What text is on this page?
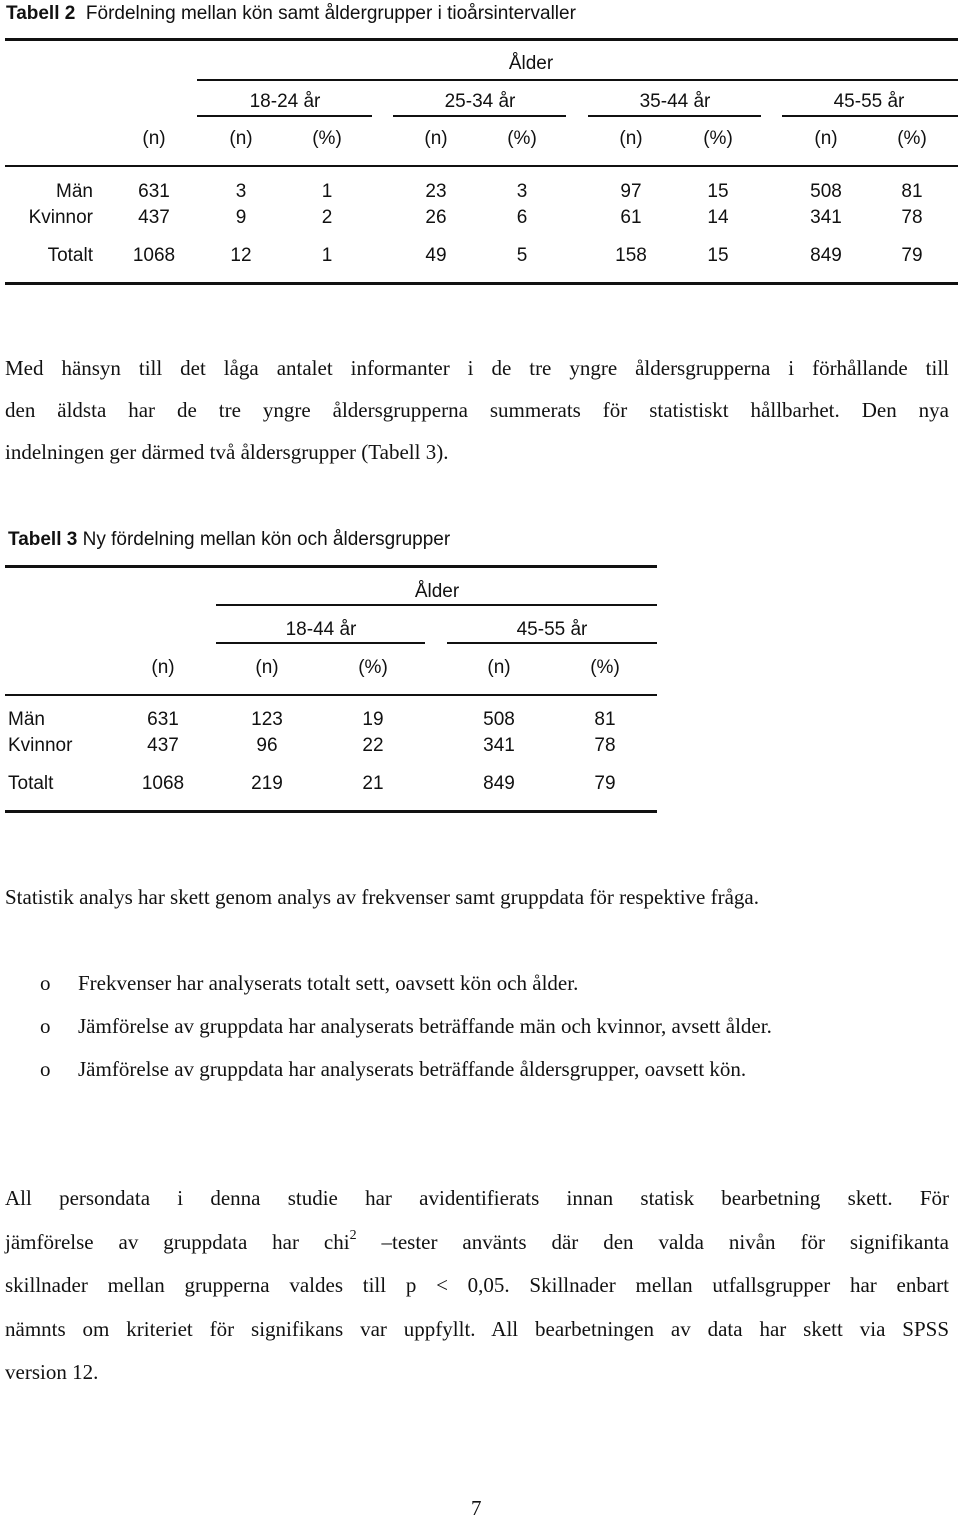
Tabell 2 Fördelning mellan kön samt åldergrupper i tioårsintervaller
Ålder
18-24 år	25-34 år	35-44 år	45-55 år
(n)	(n)	(%)	(n)	(%)	(n)	(%)	(n)	(%)
Män 631	3	1	23	3	97	15	508	81
Kvinnor 437	9	2	26	6	61	14	341	78
Totalt 1068	12	1	49	5	158	15	849	79
Med hänsyn till det låga antalet informanter i de tre yngre åldersgrupperna i förhållande till
den äldsta har de tre yngre åldersgrupperna summerats för statistiskt hållbarhet. Den nya
indelningen ger därmed två åldersgrupper (Tabell 3).
Tabell 3 Ny fördelning mellan kön och åldersgrupper
Ålder
18-44 år	45-55 år
(n)	(n)	(%)	(n)	(%)
Män	631	123	19	508	81
Kvinnor	437	96	22	341	78
Totalt	1068	219	21	849	79
Statistik analys har skett genom analys av frekvenser samt gruppdata för respektive fråga.
o Frekvenser har analyserats totalt sett, oavsett kön och ålder.
o Jämförelse av gruppdata har analyserats beträffande män och kvinnor, avsett ålder.
o Jämförelse av gruppdata har analyserats beträffande åldersgrupper, oavsett kön.
All persondata i denna studie har avidentifierats innan statisk bearbetning skett. För
jämförelse av gruppdata har chi$^2$ –tester använts där den valda nivån för signifikanta
skillnader mellan grupperna valdes till p < 0,05. Skillnader mellan utfallsgrupper har enbart
nämnts om kriteriet för signifikans var uppfyllt. All bearbetningen av data har skett via SPSS
version 12.
7
